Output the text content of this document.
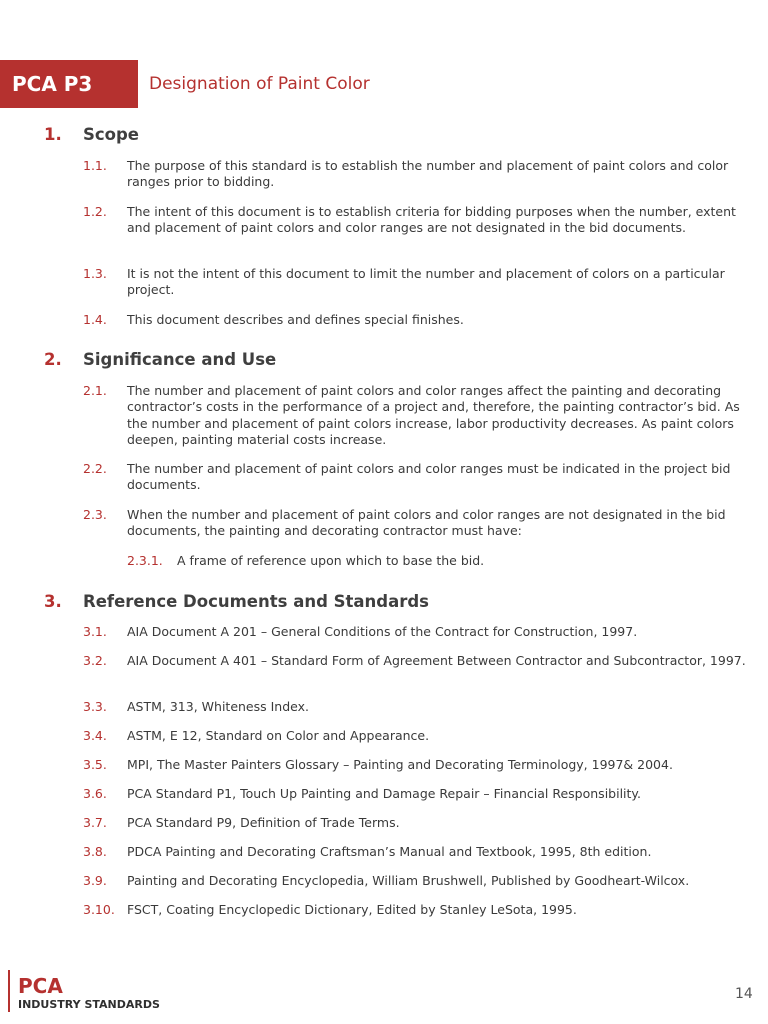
PCA P3	Designation of Paint Color
1. Scope
1.1. The purpose of this standard is to establish the number and placement of paint colors and color ranges prior to bidding.
1.2. The intent of this document is to establish criteria for bidding purposes when the number, extent and placement of paint colors and color ranges are not designated in the bid documents.
1.3. It is not the intent of this document to limit the number and placement of colors on a particular project.
1.4. This document describes and defines special finishes.
2. Significance and Use
2.1. The number and placement of paint colors and color ranges affect the painting and decorating contractor’s costs in the performance of a project and, therefore, the painting contractor’s bid. As the number and placement of paint colors increase, labor productivity decreases. As paint colors deepen, painting material costs increase.
2.2. The number and placement of paint colors and color ranges must be indicated in the project bid documents.
2.3. When the number and placement of paint colors and color ranges are not designated in the bid documents, the painting and decorating contractor must have:
2.3.1. A frame of reference upon which to base the bid.
3. Reference Documents and Standards
3.1. AIA Document A 201 – General Conditions of the Contract for Construction, 1997.
3.2. AIA Document A 401 – Standard Form of Agreement Between Contractor and Subcontractor, 1997.
3.3. ASTM, 313, Whiteness Index.
3.4. ASTM, E 12, Standard on Color and Appearance.
3.5. MPI, The Master Painters Glossary – Painting and Decorating Terminology, 1997& 2004.
3.6. PCA Standard P1, Touch Up Painting and Damage Repair – Financial Responsibility.
3.7. PCA Standard P9, Definition of Trade Terms.
3.8. PDCA Painting and Decorating Craftsman’s Manual and Textbook, 1995, 8th edition.
3.9. Painting and Decorating Encyclopedia, William Brushwell, Published by Goodheart-Wilcox.
3.10. FSCT, Coating Encyclopedic Dictionary, Edited by Stanley LeSota, 1995.
PCA
INDUSTRY STANDARDS
14
